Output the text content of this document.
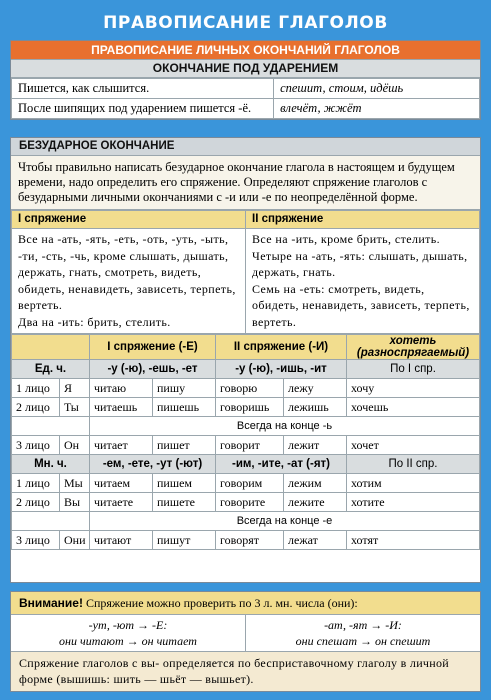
ПРАВОПИСАНИЕ ГЛАГОЛОВ
ПРАВОПИСАНИЕ ЛИЧНЫХ ОКОНЧАНИЙ ГЛАГОЛОВ
ОКОНЧАНИЕ ПОД УДАРЕНИЕМ
Пишется, как слышится.	спешит, стоим, идёшь
После шипящих под ударением пишется -ё.	влечёт, жжёт
БЕЗУДАРНОЕ ОКОНЧАНИЕ
Чтобы правильно написать безударное окончание глагола в настоящем и будущем времени, надо определить его спряжение. Определяют спряжение глаголов с безударными личными окончаниями с -и или -е по неопределённой форме.
I спряжение
Все на -ать, -ять, -еть, -оть, -уть, -ыть, -ти, -сть, -чь, кроме слышать, дышать, держать, гнать, смотреть, видеть, обидеть, ненавидеть, зависеть, терпеть, вертеть.
Два на -ить: брить, стелить.

II спряжение
Все на -ить, кроме брить, стелить.
Четыре на -ать, -ять: слышать, дышать, держать, гнать.
Семь на -еть: смотреть, видеть, обидеть, ненавидеть, зависеть, терпеть, вертеть.
		I спряжение (-Е)		II спряжение (-И)		хотеть (разноспрягаемый)
Ед. ч.		-у (-ю), -ешь, -ет		-у (-ю), -ишь, -ит		По I спр.
1 лицо	Я	читаю	пишу	говорю	лежу	хочу
2 лицо	Ты	читаешь	пишешь	говоришь	лежишь	хочешь
		Всегда на конце -ь				
3 лицо	Он	читает	пишет	говорит	лежит	хочет
Мн. ч.		-ем, -ете, -ут (-ют)		-им, -ите, -ат (-ят)		По II спр.
1 лицо	Мы	читаем	пишем	говорим	лежим	хотим
2 лицо	Вы	читаете	пишете	говорите	лежите	хотите
		Всегда на конце -е				
3 лицо	Они	читают	пишут	говорят	лежат	хотят
Внимание! Спряжение можно проверить по 3 л. мн. числа (они):
-ут, -ют → -Е:
они читают → он читает
-ат, -ят → -И:
они спешат → он спешит
Спряжение глаголов с вы- определяется по бесприставочному глаголу в личной форме (вышишь: шить — шьёт — вышьет).
